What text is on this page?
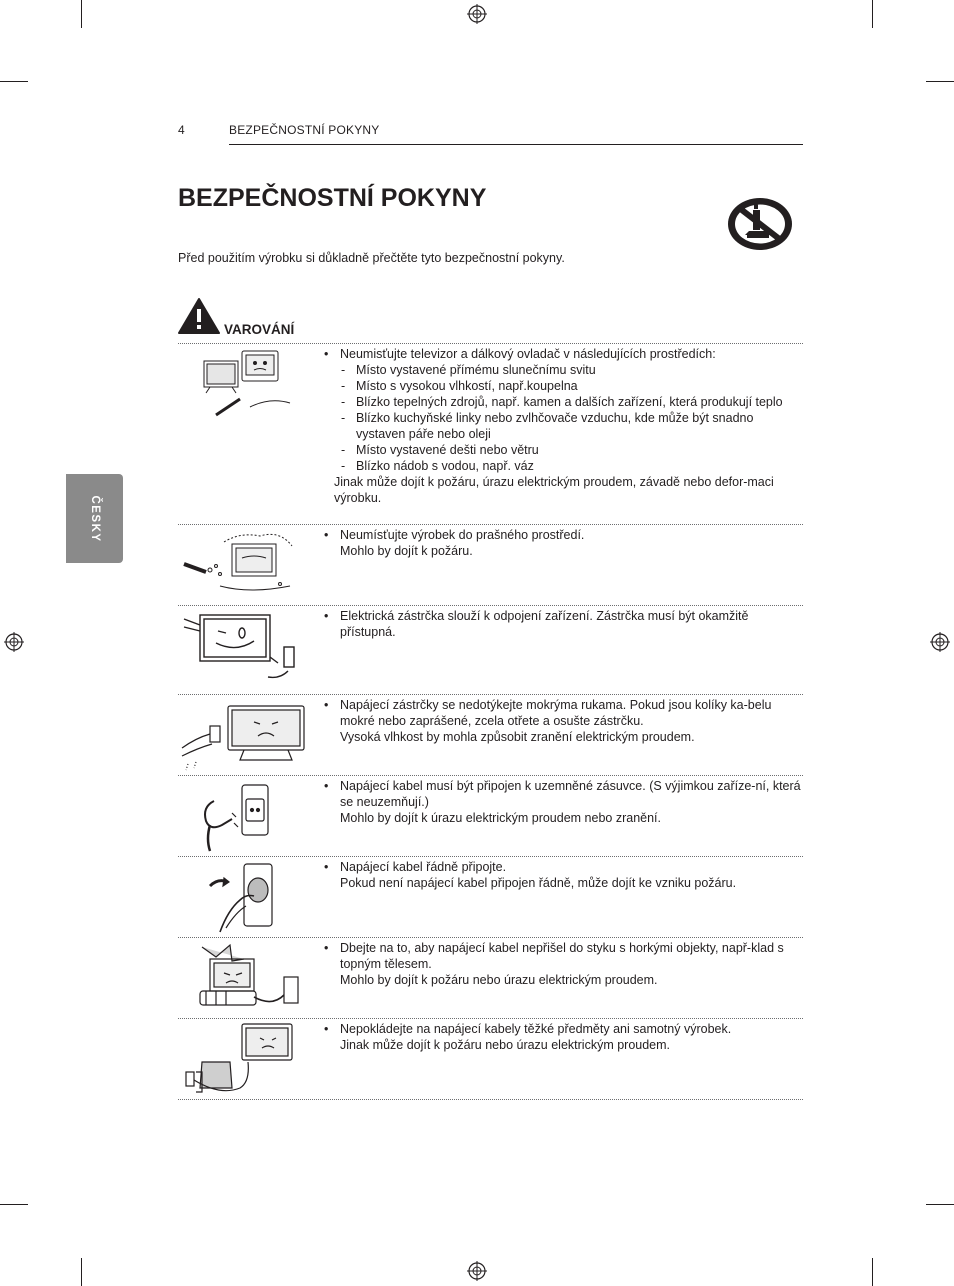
4	BEZPEČNOSTNÍ POKYNY
BEZPEČNOSTNÍ POKYNY
Před použitím výrobku si důkladně přečtěte tyto bezpečnostní pokyny.
VAROVÁNÍ
ČESKY
• Neumisťujte televizor a dálkový ovladač v následujících prostředích:
- Místo vystavené přímému slunečnímu svitu
- Místo s vysokou vlhkostí, např.koupelna
- Blízko tepelných zdrojů, např. kamen a dalších zařízení, která produkují teplo
- Blízko kuchyňské linky nebo zvlhčovače vzduchu, kde může být snadno vystaven páře nebo oleji
- Místo vystavené dešti nebo větru
- Blízko nádob s vodou, např. váz
Jinak může dojít k požáru, úrazu elektrickým proudem, závadě nebo defor-maci výrobku.
• Neumísťujte výrobek do prašného prostředí.
Mohlo by dojít k požáru.
• Elektrická zástrčka slouží k odpojení zařízení. Zástrčka musí být okamžitě přístupná.
• Napájecí zástrčky se nedotýkejte mokrýma rukama. Pokud jsou kolíky ka-belu mokré nebo zaprášené, zcela otřete a osušte zástrčku.
Vysoká vlhkost by mohla způsobit zranění elektrickým proudem.
• Napájecí kabel musí být připojen k uzemněné zásuvce. (S výjimkou zaříze-ní, která se neuzemňují.)
Mohlo by dojít k úrazu elektrickým proudem nebo zranění.
• Napájecí kabel řádně připojte.
Pokud není napájecí kabel připojen řádně, může dojít ke vzniku požáru.
• Dbejte na to, aby napájecí kabel nepřišel do styku s horkými objekty, např-klad s topným tělesem.
Mohlo by dojít k požáru nebo úrazu elektrickým proudem.
• Nepokládejte na napájecí kabely těžké předměty ani samotný výrobek.
Jinak může dojít k požáru nebo úrazu elektrickým proudem.
